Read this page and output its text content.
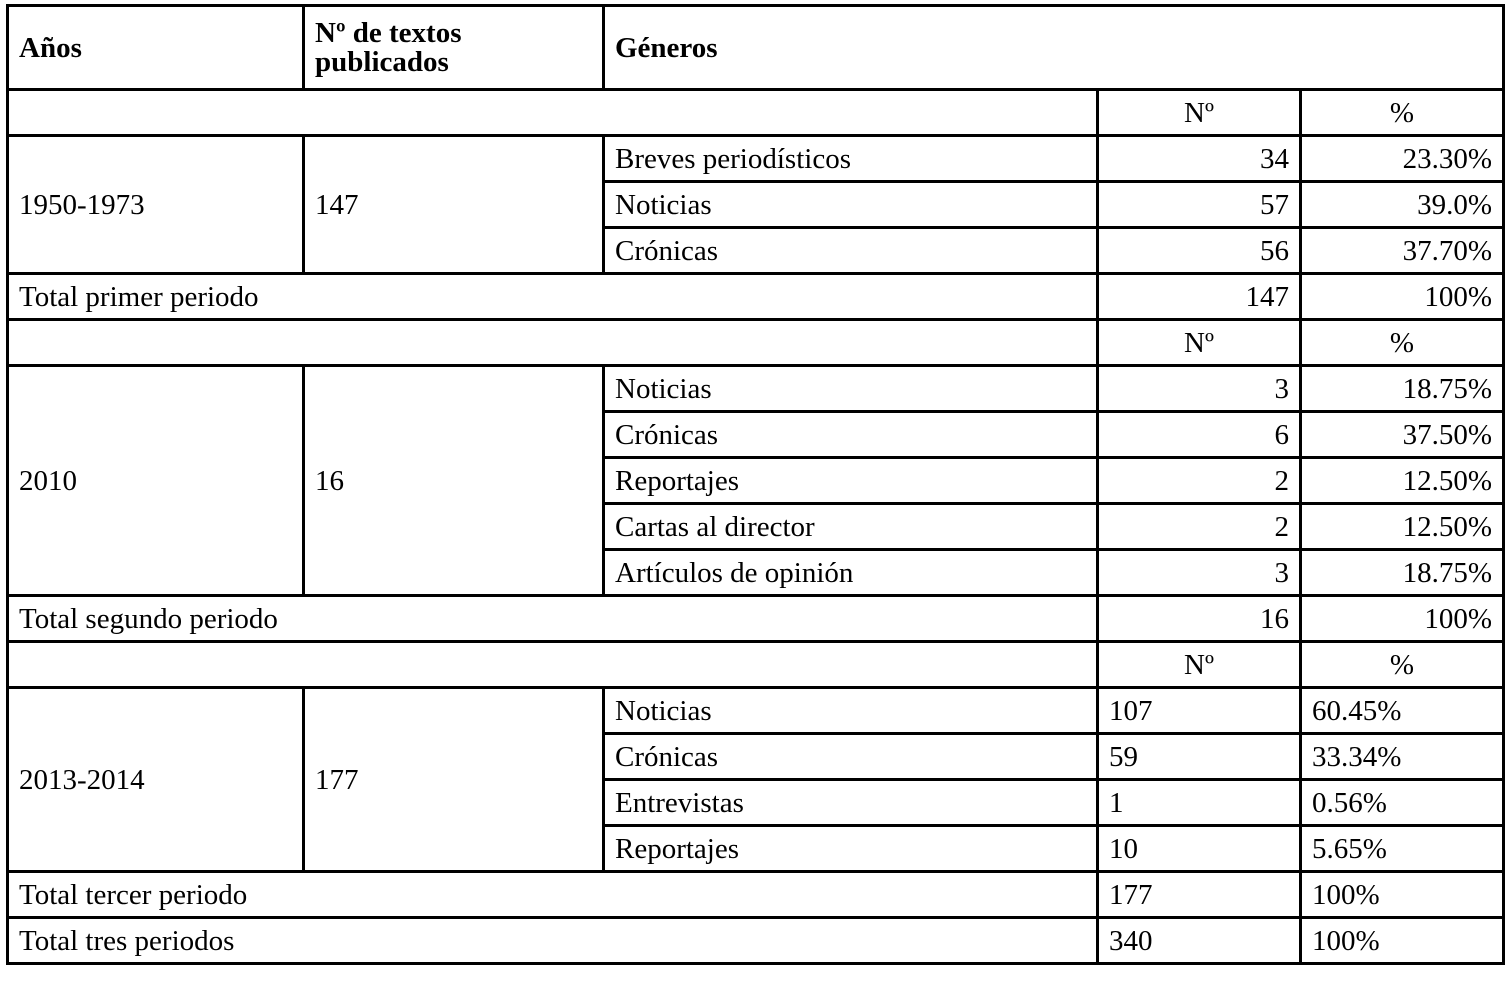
Años	Nº de textos publicados	Géneros		
			Nº	%
1950-1973	147	Breves periodísticos	34	23.30%
		Noticias	57	39.0%
		Crónicas	56	37.70%
Total primer periodo			147	100%
			Nº	%
2010	16	Noticias	3	18.75%
		Crónicas	6	37.50%
		Reportajes	2	12.50%
		Cartas al director	2	12.50%
		Artículos de opinión	3	18.75%
Total segundo periodo			16	100%
			Nº	%
2013-2014	177	Noticias	107	60.45%
		Crónicas	59	33.34%
		Entrevistas	1	0.56%
		Reportajes	10	5.65%
Total tercer periodo			177	100%
Total tres periodos			340	100%
